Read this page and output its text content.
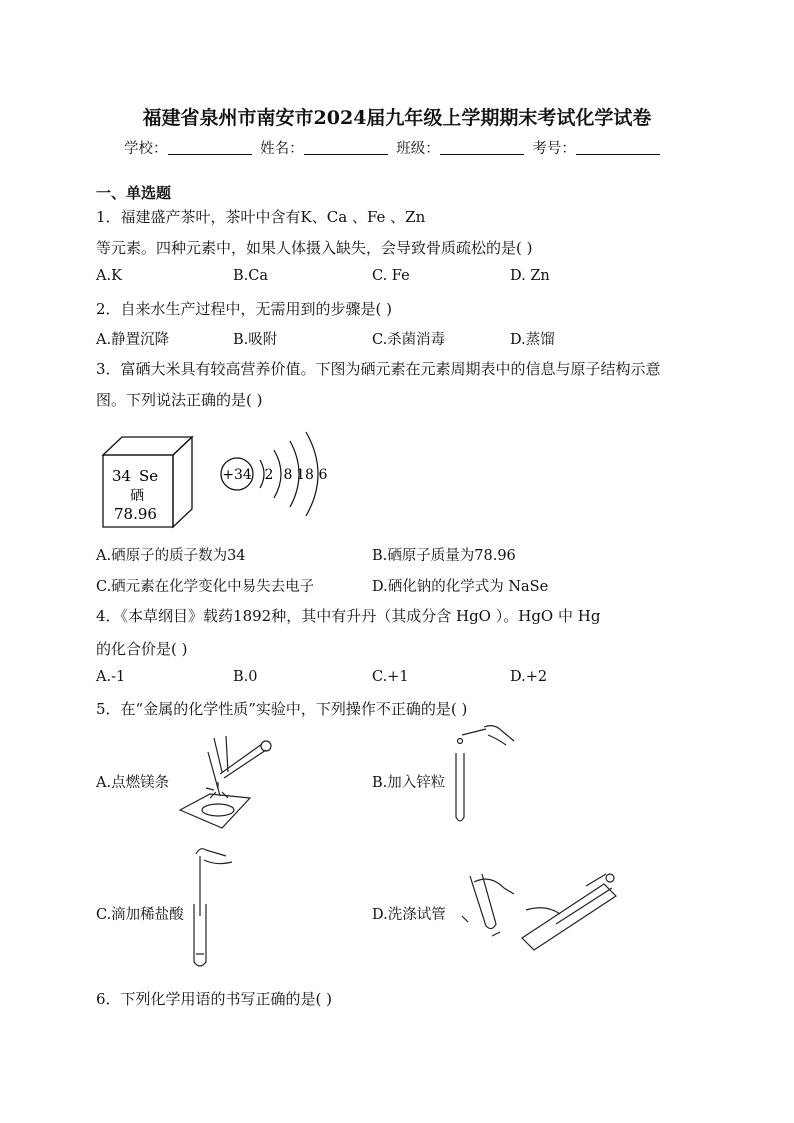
福建省泉州市南安市2024届九年级上学期期末考试化学试卷
学校：	姓名：	班级：	考号：
一、单选题
1．福建盛产茶叶，茶叶中含有K、Ca 、Fe 、Zn
等元素。四种元素中，如果人体摄入缺失，会导致骨质疏松的是( )
A.K	B.Ca	C. Fe	D. Zn
2．自来水生产过程中，无需用到的步骤是( )
A.静置沉降	B.吸附	C.杀菌消毒	D.蒸馏
3．富硒大米具有较高营养价值。下图为硒元素在元素周期表中的信息与原子结构示意
图。下列说法正确的是( )
34 Se
硒
78.96
+34 2 8 18 6
A.硒原子的质子数为34	B.硒原子质量为78.96
C.硒元素在化学变化中易失去电子	D.硒化钠的化学式为 NaSe
4．《本草纲目》载药1892种，其中有升丹（其成分含 HgO ）。HgO 中 Hg
的化合价是( )
A.-1	B.0	C.+1	D.+2
5．在“金属的化学性质”实验中，下列操作不正确的是( )
A.点燃镁条	B.加入锌粒
C.滴加稀盐酸	D.洗涤试管
6．下列化学用语的书写正确的是( )
